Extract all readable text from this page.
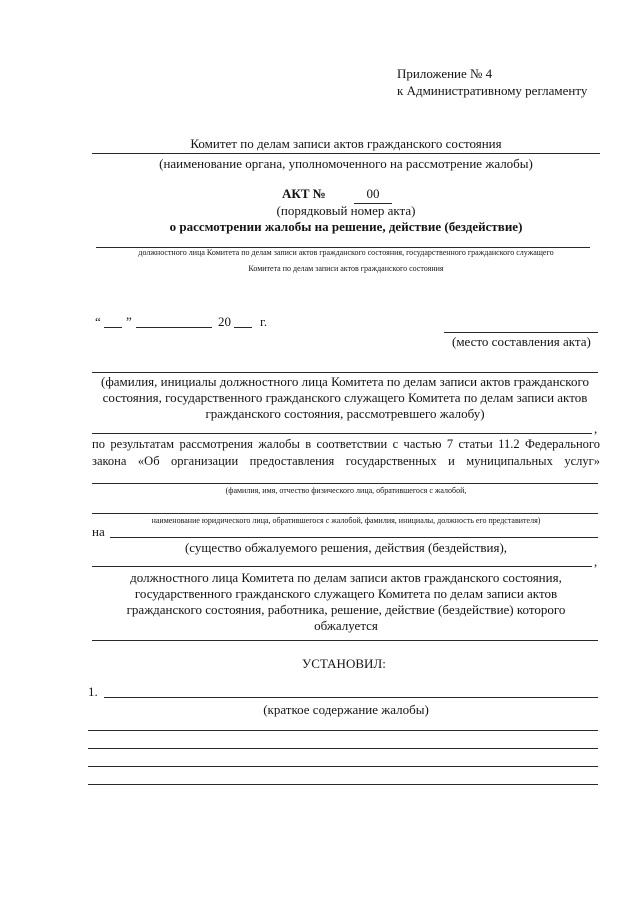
Приложение № 4
к Административному регламенту
Комитет по делам записи актов гражданского состояния
(наименование органа, уполномоченного на рассмотрение жалобы)
АКТ №	00
(порядковый номер акта)
о рассмотрении жалобы на решение, действие (бездействие)
должностного лица Комитета по делам записи актов гражданского состояния, государственного гражданского служащего
Комитета по делам записи актов гражданского состояния
“ ”	20 г.
(место составления акта)
(фамилия, инициалы должностного лица Комитета по делам записи актов гражданского
состояния, государственного гражданского служащего Комитета по делам записи актов
гражданского состояния, рассмотревшего жалобу)
,
по результатам рассмотрения жалобы в соответствии с частью 7 статьи 11.2 Федерального
закона «Об организации предоставления государственных и муниципальных услуг»
(фамилия, имя, отчество физического лица, обратившегося с жалобой,
наименование юридического лица, обратившегося с жалобой, фамилия, инициалы, должность его представителя)
на
(существо обжалуемого решения, действия (бездействия),
,
должностного лица Комитета по делам записи актов гражданского состояния,
государственного гражданского служащего Комитета по делам записи актов
гражданского состояния, работника, решение, действие (бездействие) которого
обжалуется
УСТАНОВИЛ:
1.
(краткое содержание жалобы)
